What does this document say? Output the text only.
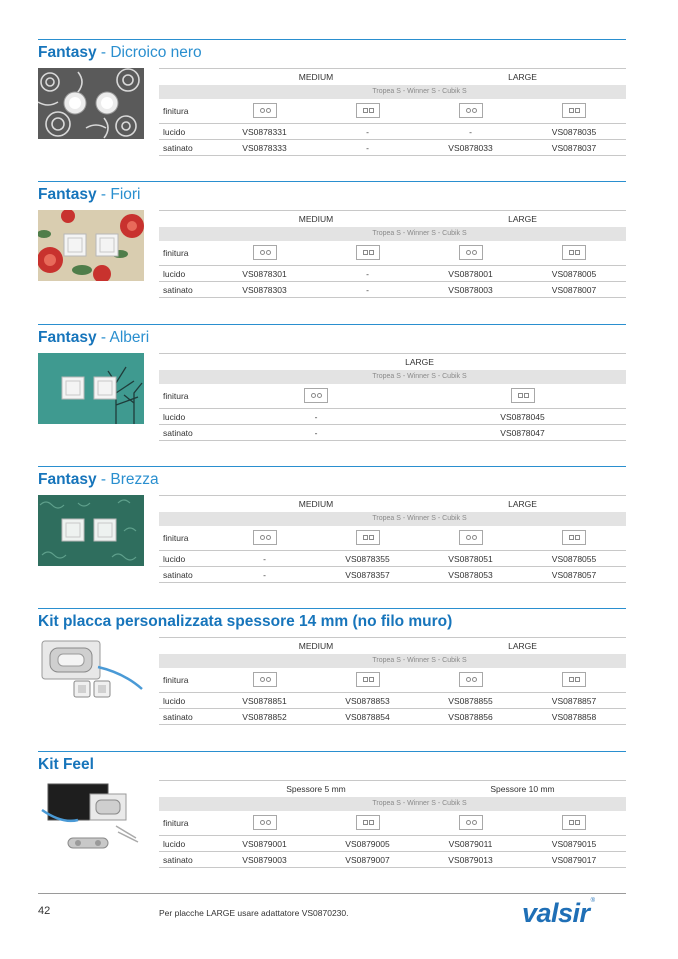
Fantasy - Dicroico nero
	MEDIUM		LARGE	
	Tropea S - Winner S - Cubik S			
finitura	

lucido	VS0878331	-	-	VS0878035
satinato	VS0878333	-	VS0878033	VS0878037
Fantasy - Fiori
	MEDIUM		LARGE	
	Tropea S - Winner S - Cubik S			
finitura	

lucido	VS0878301	-	VS0878001	VS0878005
satinato	VS0878303	-	VS0878003	VS0878007
Fantasy - Alberi
	LARGE	
	Tropea S - Winner S - Cubik S	
finitura	

lucido	-	VS0878045
satinato	-	VS0878047
Fantasy - Brezza
	MEDIUM		LARGE	
	Tropea S - Winner S - Cubik S			
finitura	

lucido	-	VS0878355	VS0878051	VS0878055
satinato	-	VS0878357	VS0878053	VS0878057
Kit placca personalizzata spessore 14 mm (no filo muro)
	MEDIUM		LARGE	
	Tropea S - Winner S - Cubik S			
finitura	

lucido	VS0878851	VS0878853	VS0878855	VS0878857
satinato	VS0878852	VS0878854	VS0878856	VS0878858
Kit Feel
	Spessore 5 mm		Spessore 10 mm	
	Tropea S - Winner S - Cubik S			
finitura	

lucido	VS0879001	VS0879005	VS0879011	VS0879015
satinato	VS0879003	VS0879007	VS0879013	VS0879017
42	Per placche LARGE usare adattatore VS0870230.	valsir®
